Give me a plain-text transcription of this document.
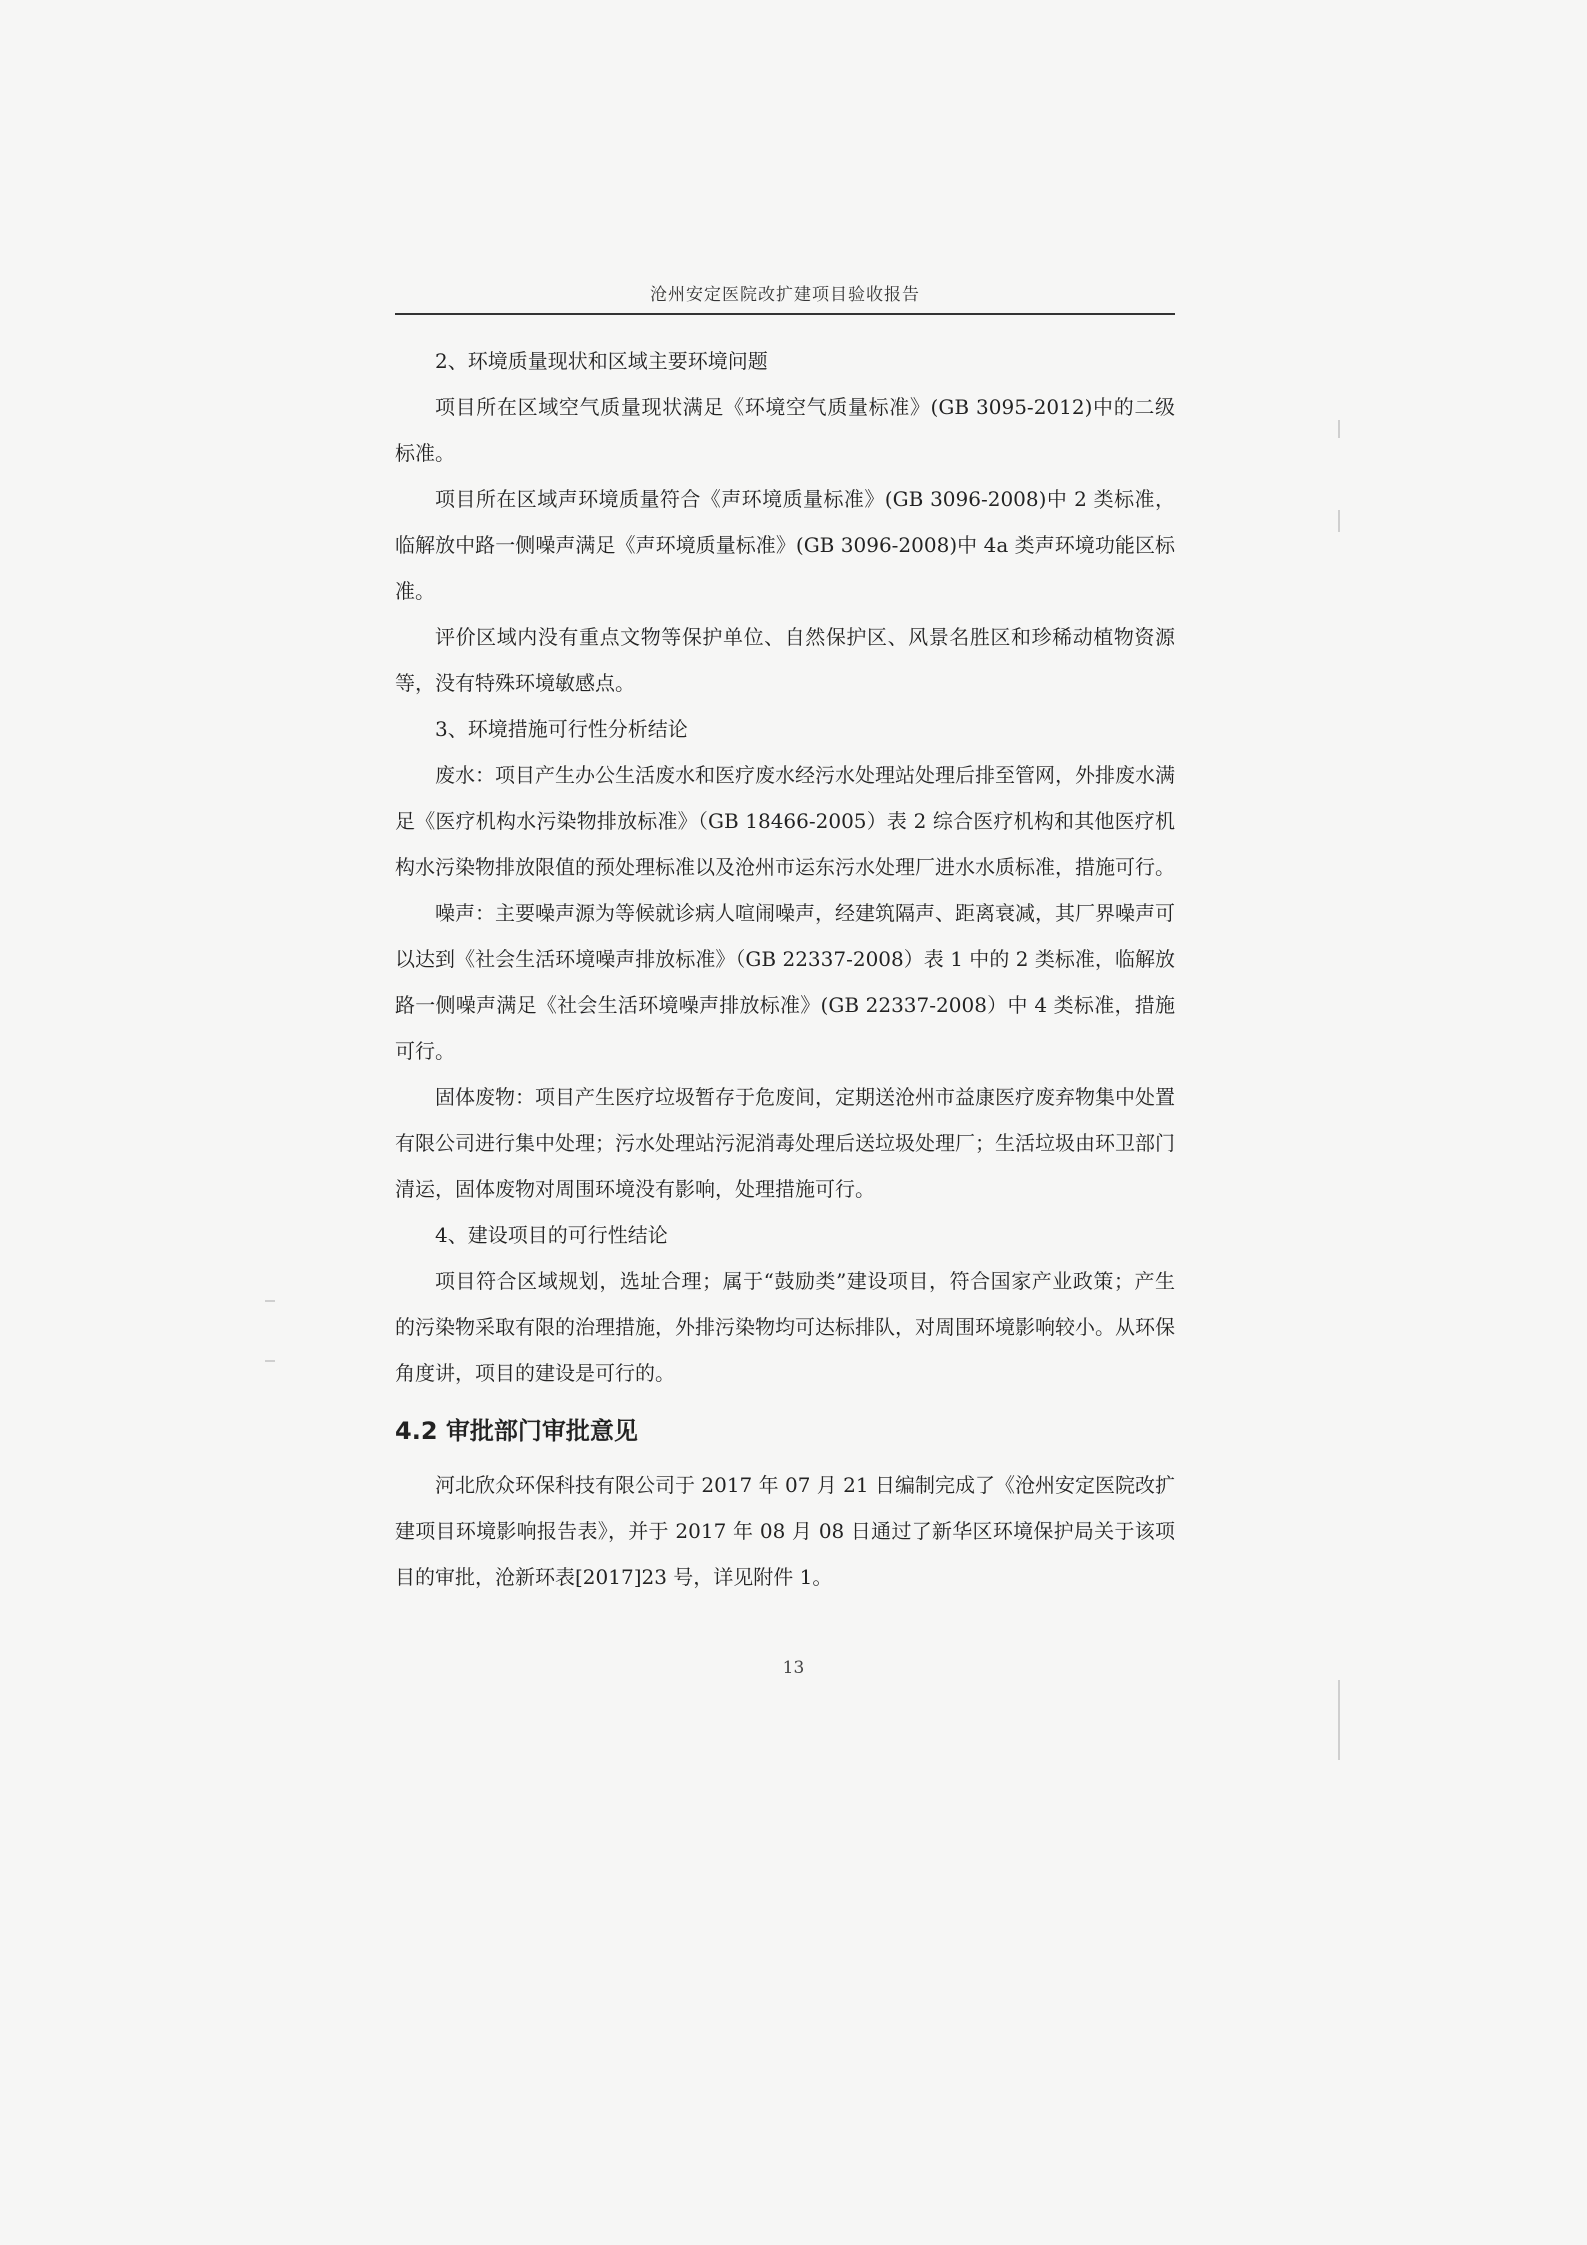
沧州安定医院改扩建项目验收报告

2、环境质量现状和区域主要环境问题

项目所在区域空气质量现状满足《环境空气质量标准》(GB 3095-2012)中的二级标准。

项目所在区域声环境质量符合《声环境质量标准》(GB 3096-2008)中 2 类标准，临解放中路一侧噪声满足《声环境质量标准》(GB 3096-2008)中 4a 类声环境功能区标准。

评价区域内没有重点文物等保护单位、自然保护区、风景名胜区和珍稀动植物资源等，没有特殊环境敏感点。

3、环境措施可行性分析结论

废水：项目产生办公生活废水和医疗废水经污水处理站处理后排至管网，外排废水满足《医疗机构水污染物排放标准》（GB 18466-2005）表 2 综合医疗机构和其他医疗机构水污染物排放限值的预处理标准以及沧州市运东污水处理厂进水水质标准，措施可行。

噪声：主要噪声源为等候就诊病人喧闹噪声，经建筑隔声、距离衰减，其厂界噪声可以达到《社会生活环境噪声排放标准》（GB 22337-2008）表 1 中的 2 类标准，临解放路一侧噪声满足《社会生活环境噪声排放标准》(GB 22337-2008）中 4 类标准，措施可行。

固体废物：项目产生医疗垃圾暂存于危废间，定期送沧州市益康医疗废弃物集中处置有限公司进行集中处理；污水处理站污泥消毒处理后送垃圾处理厂；生活垃圾由环卫部门清运，固体废物对周围环境没有影响，处理措施可行。

4、建设项目的可行性结论

项目符合区域规划，选址合理；属于“鼓励类”建设项目，符合国家产业政策；产生的污染物采取有限的治理措施，外排污染物均可达标排队，对周围环境影响较小。从环保角度讲，项目的建设是可行的。

4.2 审批部门审批意见

河北欣众环保科技有限公司于 2017 年 07 月 21 日编制完成了《沧州安定医院改扩建项目环境影响报告表》，并于 2017 年 08 月 08 日通过了新华区环境保护局关于该项目的审批，沧新环表[2017]23 号，详见附件 1。

13
